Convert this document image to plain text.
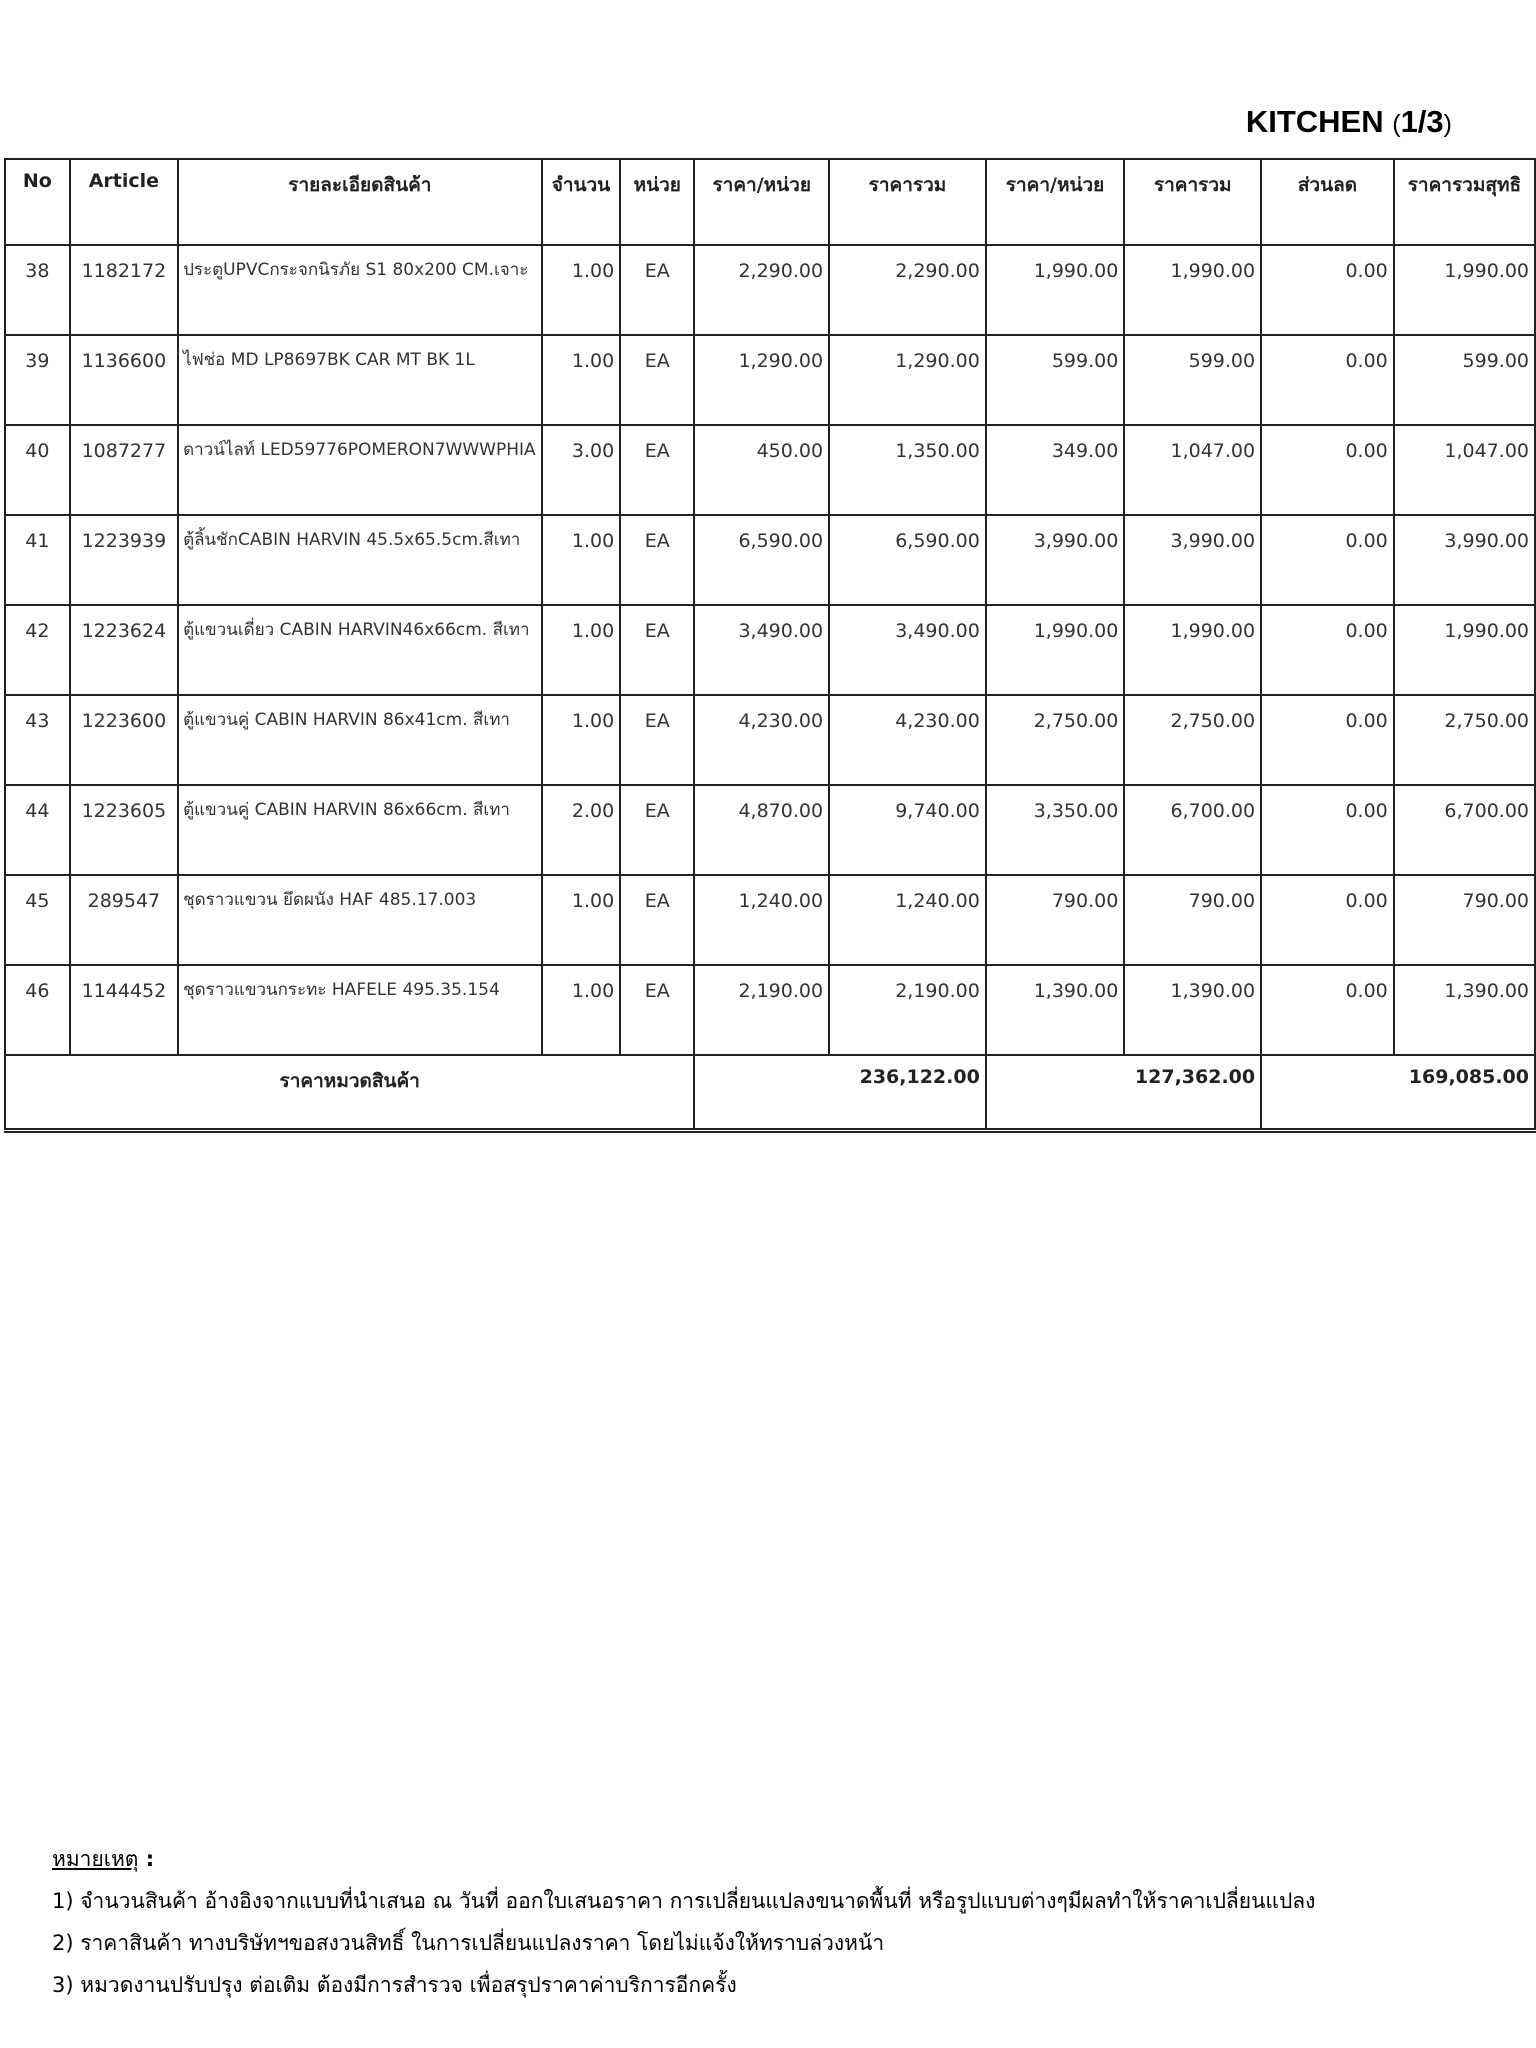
KITCHEN (1/3)
No	Article	รายละเอียดสินค้า	จำนวน	หน่วย	ราคา/หน่วย	ราคารวม	ราคา/หน่วย	ราคารวม	ส่วนลด	ราคารวมสุทธิ
38	1182172	ประตูUPVCกระจกนิรภัย S1 80x200 CM.เจาะ	1.00	EA	2,290.00	2,290.00	1,990.00	1,990.00	0.00	1,990.00
39	1136600	ไฟช่อ MD LP8697BK CAR MT BK 1L	1.00	EA	1,290.00	1,290.00	599.00	599.00	0.00	599.00
40	1087277	ดาวน์ไลท์ LED59776POMERON7WWWPHIA	3.00	EA	450.00	1,350.00	349.00	1,047.00	0.00	1,047.00
41	1223939	ตู้ลิ้นชักCABIN HARVIN 45.5x65.5cm.สีเทา	1.00	EA	6,590.00	6,590.00	3,990.00	3,990.00	0.00	3,990.00
42	1223624	ตู้แขวนเดี่ยว CABIN HARVIN46x66cm. สีเทา	1.00	EA	3,490.00	3,490.00	1,990.00	1,990.00	0.00	1,990.00
43	1223600	ตู้แขวนคู่ CABIN HARVIN 86x41cm. สีเทา	1.00	EA	4,230.00	4,230.00	2,750.00	2,750.00	0.00	2,750.00
44	1223605	ตู้แขวนคู่ CABIN HARVIN 86x66cm. สีเทา	2.00	EA	4,870.00	9,740.00	3,350.00	6,700.00	0.00	6,700.00
45	289547	ชุดราวแขวน ยึดผนัง HAF 485.17.003	1.00	EA	1,240.00	1,240.00	790.00	790.00	0.00	790.00
46	1144452	ชุดราวแขวนกระทะ HAFELE 495.35.154	1.00	EA	2,190.00	2,190.00	1,390.00	1,390.00	0.00	1,390.00
ราคาหมวดสินค้า					236,122.00		127,362.00		169,085.00	
หมายเหตุ :
1) จำนวนสินค้า อ้างอิงจากแบบที่นำเสนอ ณ วันที่ ออกใบเสนอราคา การเปลี่ยนแปลงขนาดพื้นที่ หรือรูปแบบต่างๆมีผลทำให้ราคาเปลี่ยนแปลง
2) ราคาสินค้า ทางบริษัทฯขอสงวนสิทธิ์ ในการเปลี่ยนแปลงราคา โดยไม่แจ้งให้ทราบล่วงหน้า
3) หมวดงานปรับปรุง ต่อเติม ต้องมีการสำรวจ เพื่อสรุปราคาค่าบริการอีกครั้ง
